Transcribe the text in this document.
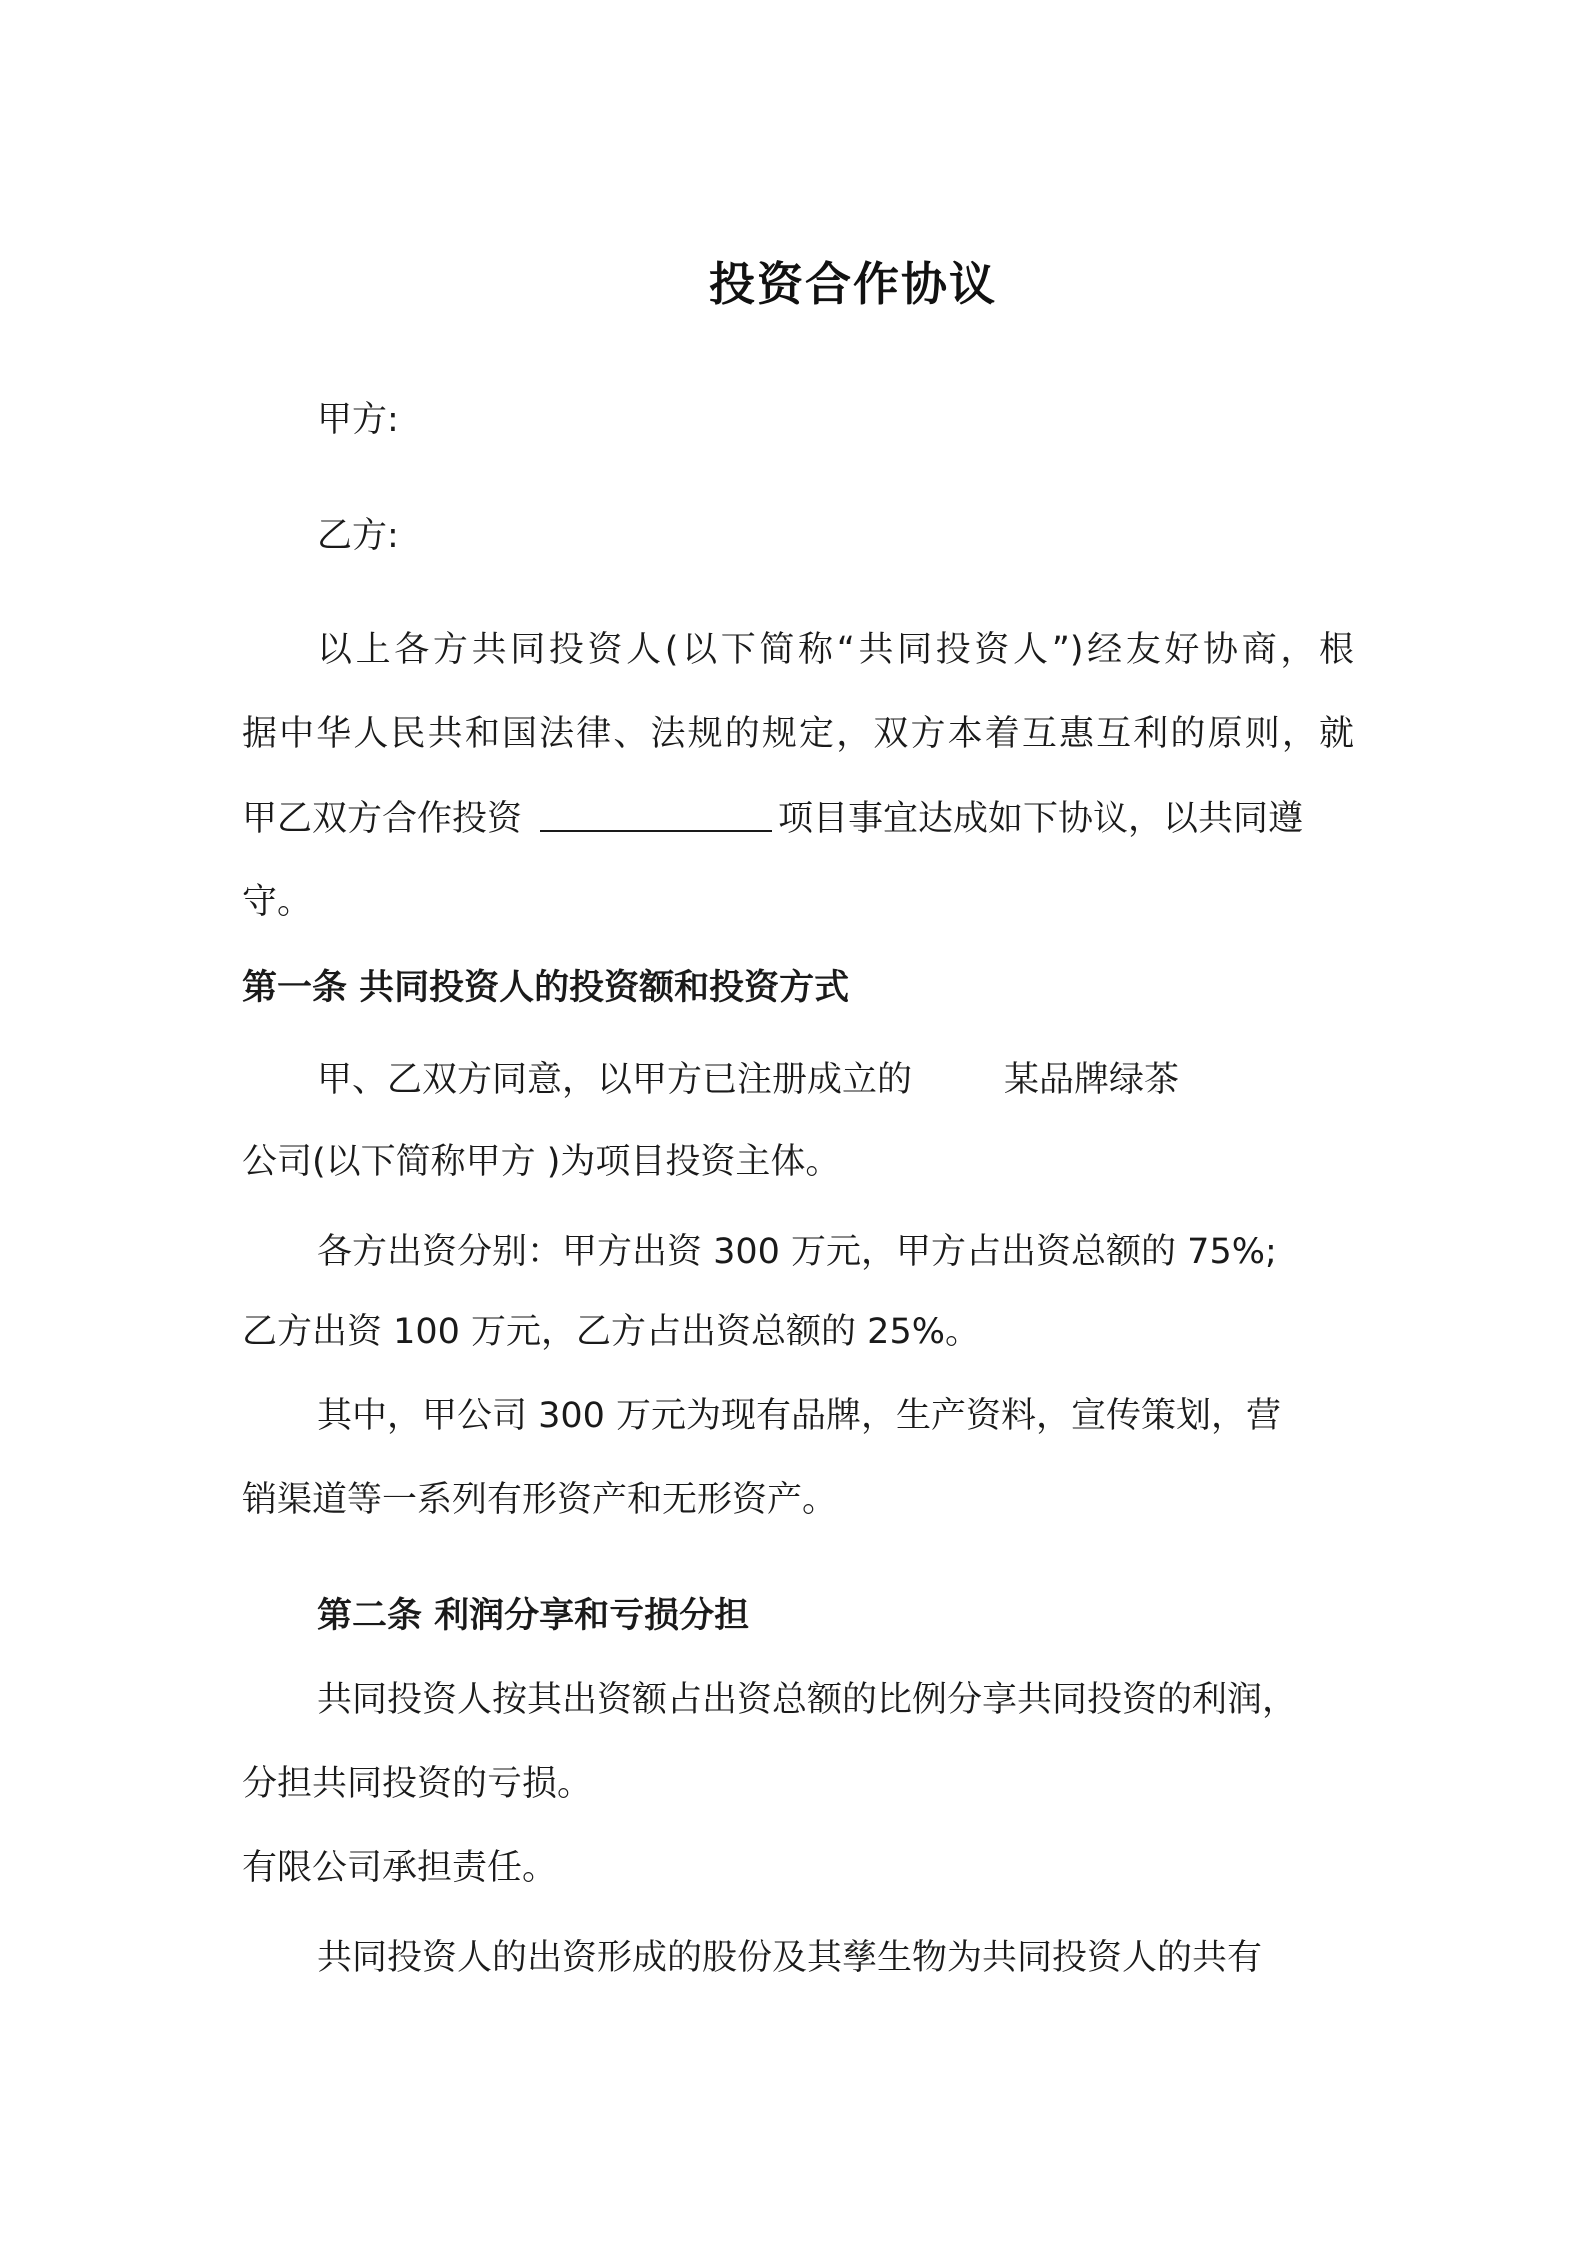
投资合作协议
甲方:
乙方:
以上各方共同投资人(以下简称“共同投资人”)经友好协商，根
据中华人民共和国法律、法规的规定，双方本着互惠互利的原则，就
甲乙双方合作投资	项目事宜达成如下协议，以共同遵
守。
第一条 共同投资人的投资额和投资方式
甲、乙双方同意，以甲方已注册成立的	某品牌绿茶
公司(以下简称甲方 )为项目投资主体。
各方出资分别：甲方出资 300 万元，甲方占出资总额的 75%;
乙方出资 100 万元，乙方占出资总额的 25%。
其中，甲公司 300 万元为现有品牌，生产资料，宣传策划，营
销渠道等一系列有形资产和无形资产。
第二条 利润分享和亏损分担
共同投资人按其出资额占出资总额的比例分享共同投资的利润，
分担共同投资的亏损。
有限公司承担责任。
共同投资人的出资形成的股份及其孳生物为共同投资人的共有
